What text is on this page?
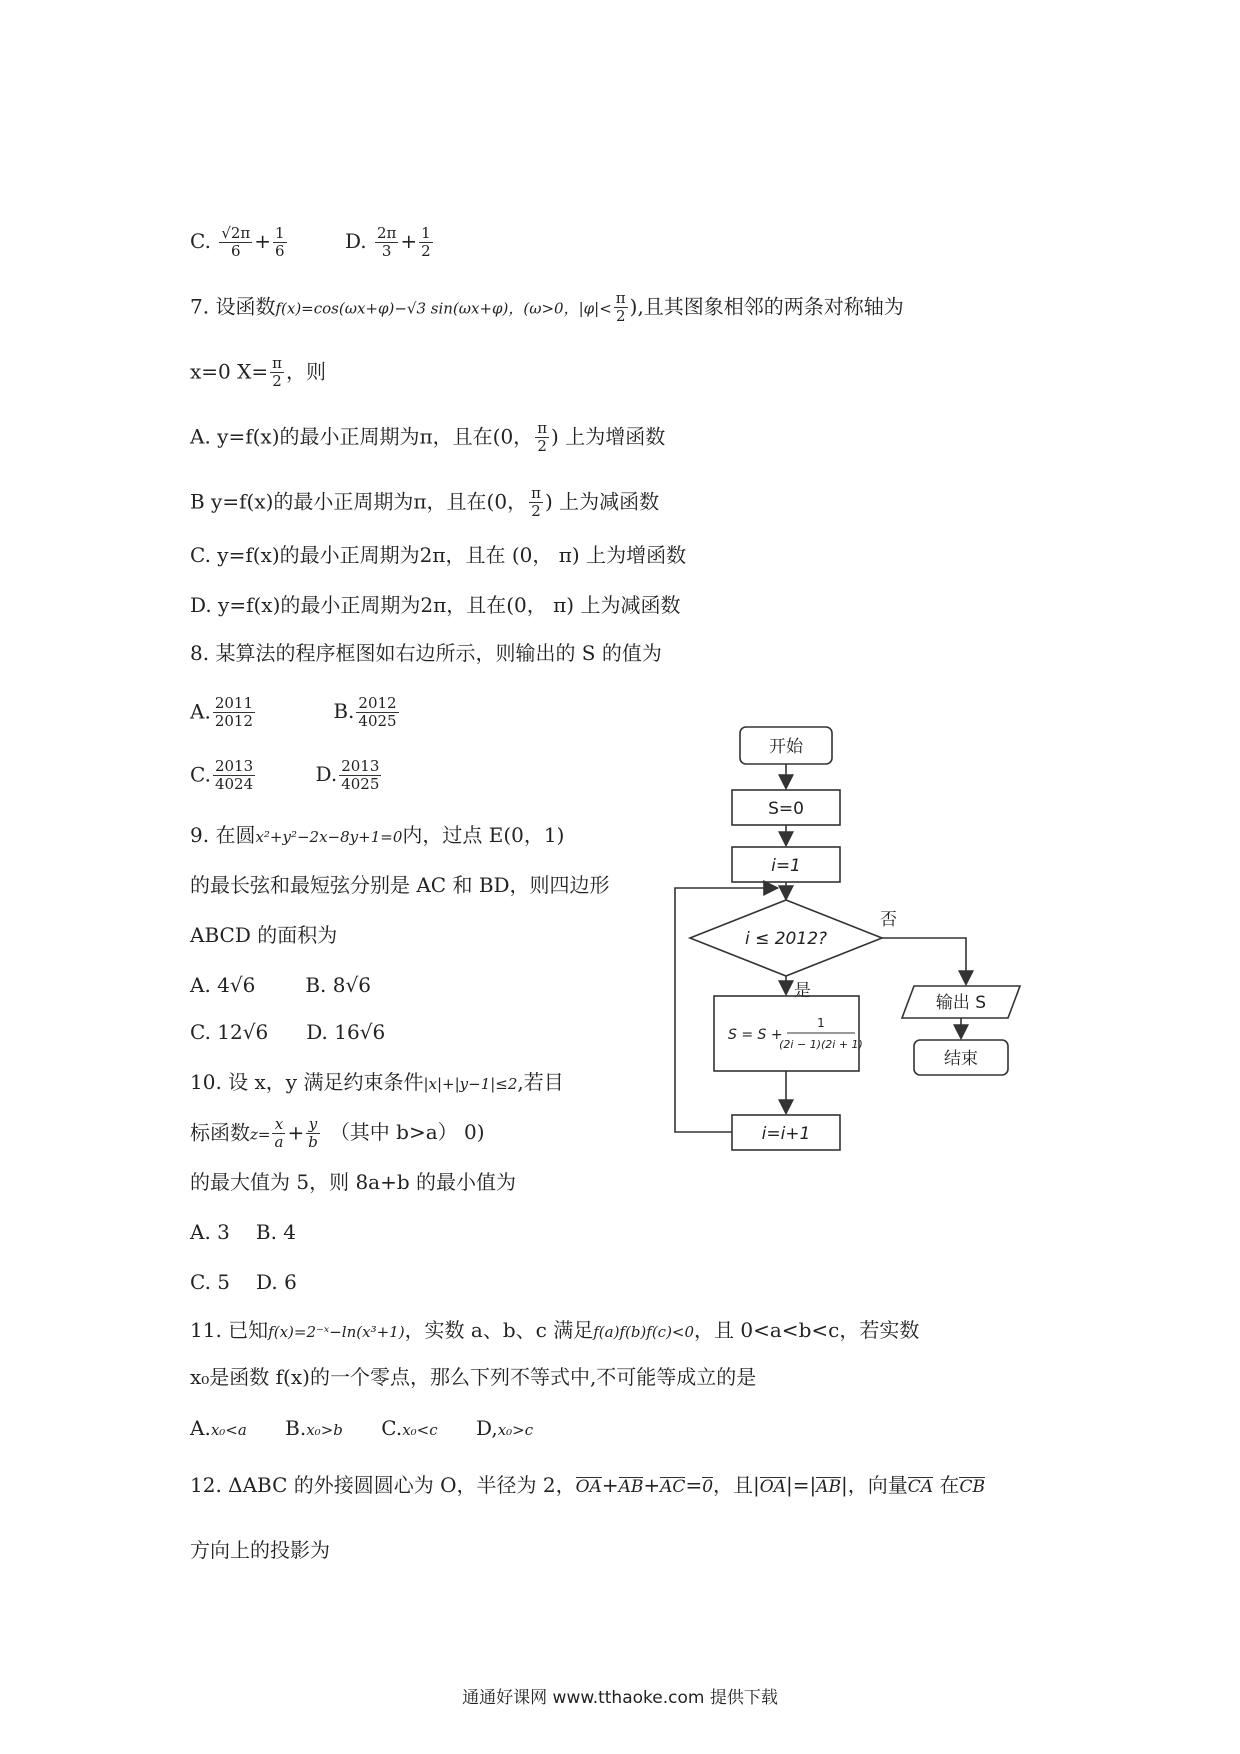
C. $\frac{√2\pi}{6} + \frac{1}{6}$	D. $\frac{2\pi}{3} + \frac{1}{2}$
7. 设函数f(x)=cos(ωx+φ)−√3 sin(ωx+φ)，(ω>0，$|\varphi|< \frac{\pi}{2}$ ),且其图象相邻的两条对称轴为
x=0 $X= \frac{\pi}{2}$ ，则
A. y=f(x)的最小正周期为π，且在(0， $\frac{\pi}{2}$ ) 上为增函数
B y=f(x)的最小正周期为π，且在(0， $\frac{\pi}{2}$ ) 上为减函数
C. y=f(x)的最小正周期为2π，且在 (0， π) 上为增函数
D. y=f(x)的最小正周期为2π，且在(0， π) 上为减函数
8. 某算法的程序框图如右边所示，则输出的 S 的值为
A. $\frac{2011}{2012}$	B. $\frac{2012}{4025}$
C. $\frac{2013}{4024}$	D. $\frac{2013}{4025}$
9. 在圆x²+y²−2x−8y+1=0内，过点 E(0，1)
的最长弦和最短弦分别是 AC 和 BD，则四边形
ABCD 的面积为
A. 4√6	B. 8√6
C. 12√6 D. 16√6
10. 设 x，y 满足约束条件|x|+|y−1|≤2,若目
标函数$z= \frac{x}{a} + \frac{y}{b}$ （其中 b>a） 0)
的最大值为 5，则 8a+b 的最小值为
A. 3 B. 4
C. 5 D. 6
11. 已知f(x)=2⁻ˣ−ln(x³+1)，实数 a、b、c 满足f(a)f(b)f(c)<0，且 0<a<b<c，若实数
x₀是函数 f(x)的一个零点，那么下列不等式中,不可能等成立的是
A.x₀<a B.x₀>b C.x₀<c D,x₀>c
12. ΔABC 的外接圆圆心为 O，半径为 2，OA+AB+AC=0，且|OA|=|AB|，向量CA 在CB
方向上的投影为
开始
S=0
i=1
i ≤ 2012?
否
是
S = S +
1
(2i − 1)(2i + 1)
i=i+1
输出 S
结束
通通好课网 www.tthaoke.com 提供下载
